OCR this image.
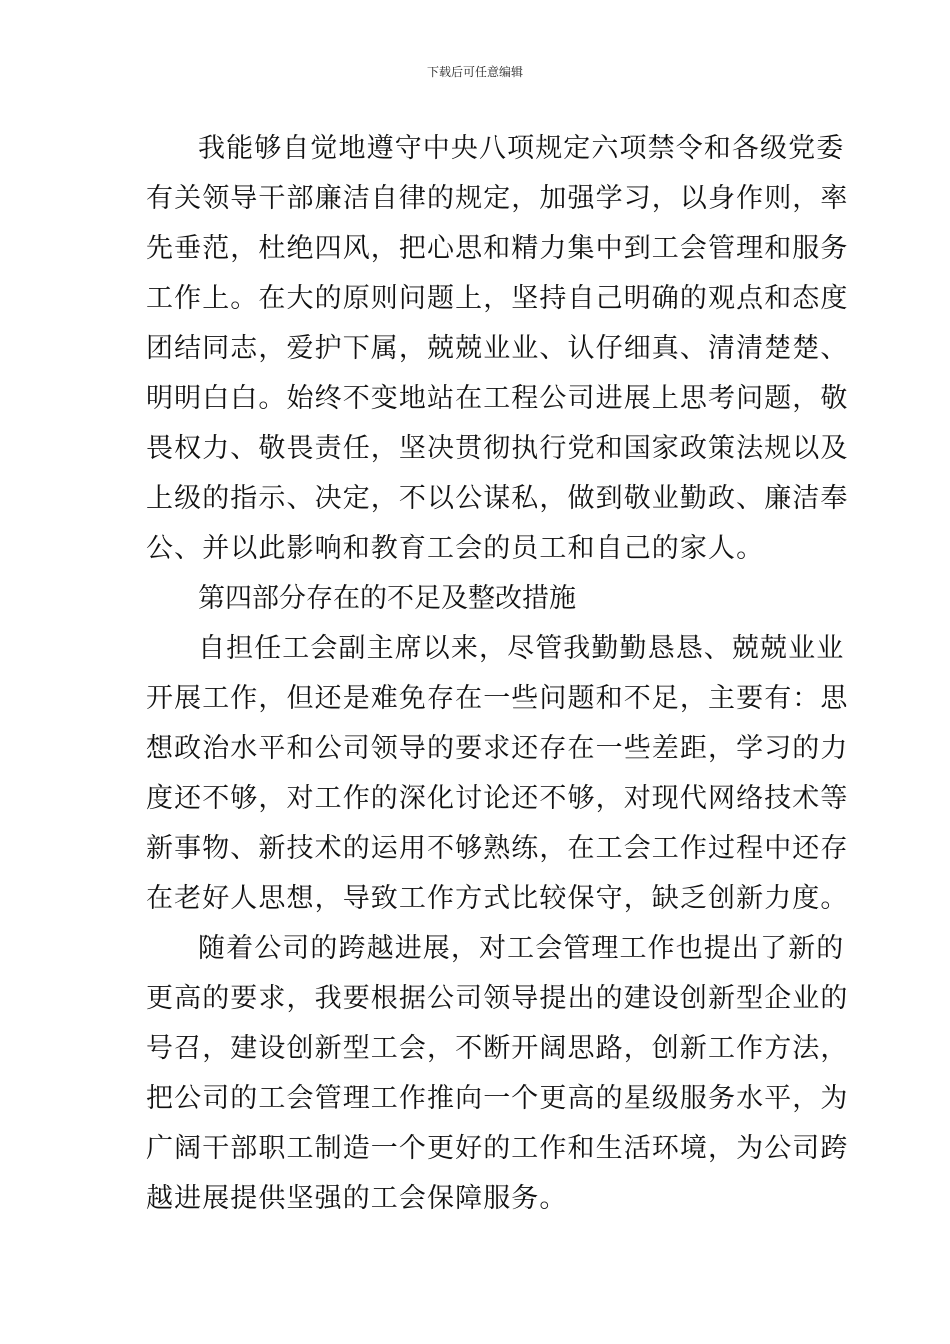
下载后可任意编辑
我能够自觉地遵守中央八项规定六项禁令和各级党委
有关领导干部廉洁自律的规定，加强学习，以身作则，率
先垂范，杜绝四风，把心思和精力集中到工会管理和服务
工作上。在大的原则问题上，坚持自己明确的观点和态度
团结同志，爱护下属，兢兢业业、认仔细真、清清楚楚、
明明白白。始终不变地站在工程公司进展上思考问题，敬
畏权力、敬畏责任，坚决贯彻执行党和国家政策法规以及
上级的指示、决定，不以公谋私，做到敬业勤政、廉洁奉
公、并以此影响和教育工会的员工和自己的家人。
第四部分存在的不足及整改措施
自担任工会副主席以来，尽管我勤勤恳恳、兢兢业业
开展工作，但还是难免存在一些问题和不足，主要有：思
想政治水平和公司领导的要求还存在一些差距，学习的力
度还不够，对工作的深化讨论还不够，对现代网络技术等
新事物、新技术的运用不够熟练，在工会工作过程中还存
在老好人思想，导致工作方式比较保守，缺乏创新力度。
随着公司的跨越进展，对工会管理工作也提出了新的
更高的要求，我要根据公司领导提出的建设创新型企业的
号召，建设创新型工会，不断开阔思路，创新工作方法，
把公司的工会管理工作推向一个更高的星级服务水平，为
广阔干部职工制造一个更好的工作和生活环境，为公司跨
越进展提供坚强的工会保障服务。
